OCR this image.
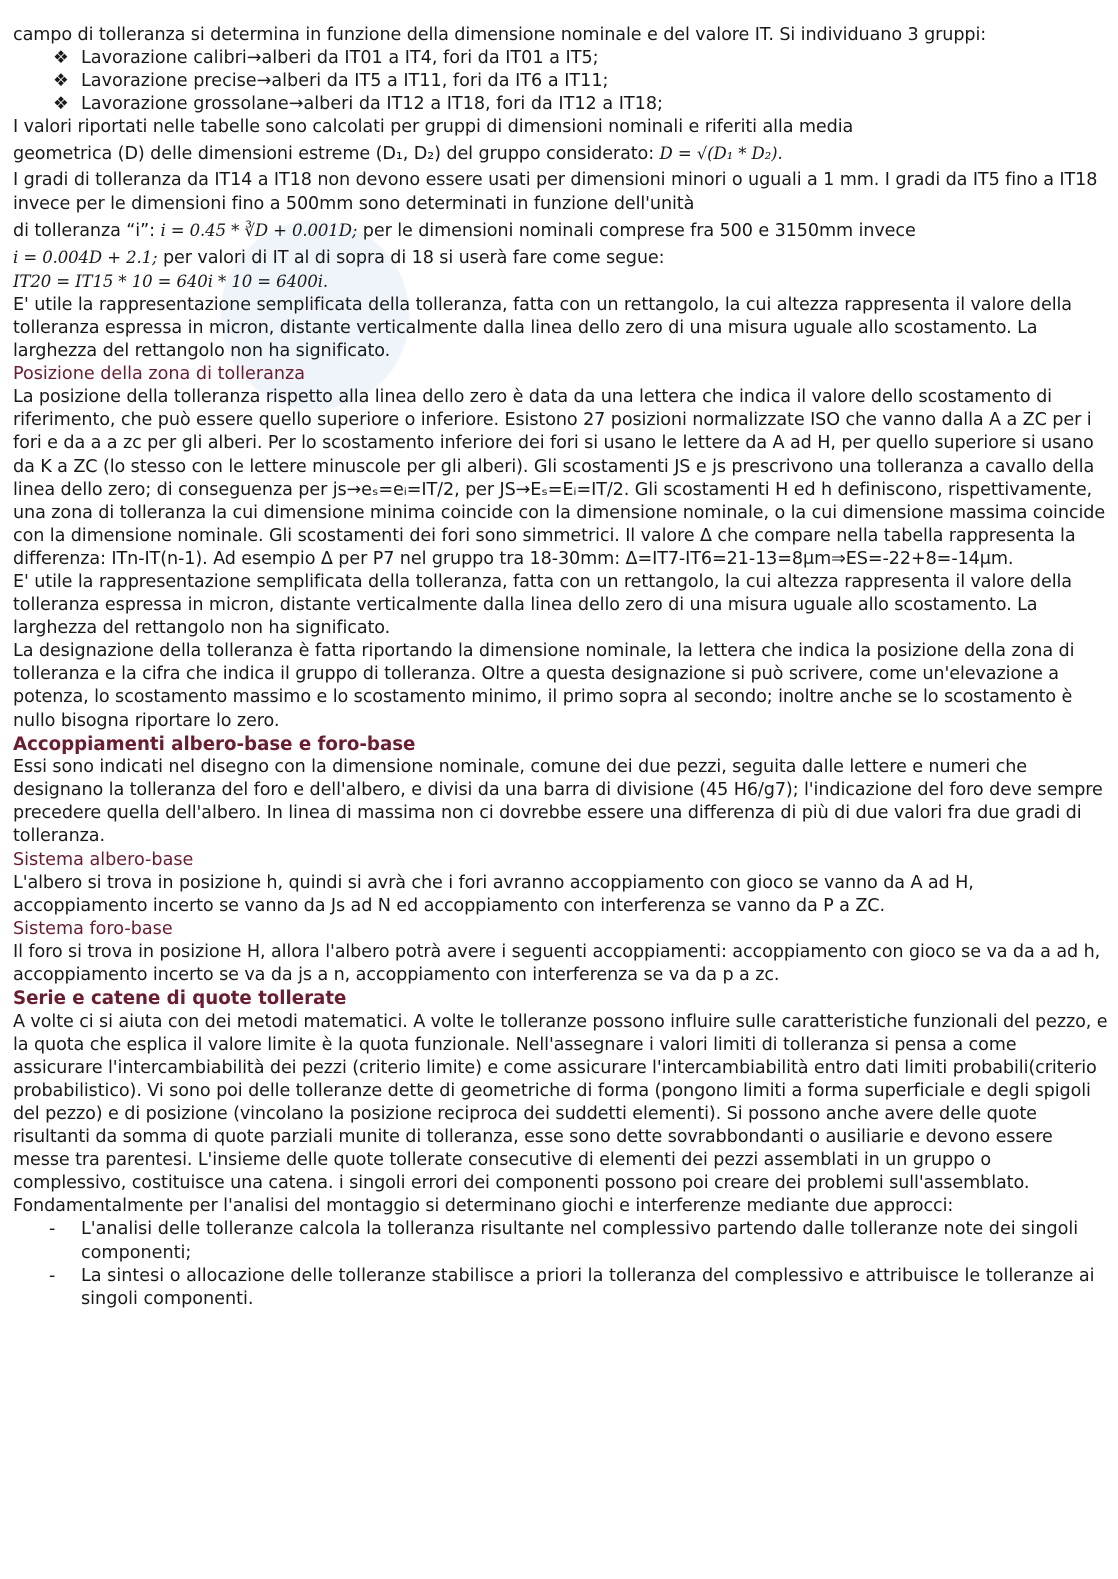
campo di tolleranza si determina in funzione della dimensione nominale e del valore IT. Si individuano 3 gruppi:

❖ Lavorazione calibri→alberi da IT01 a IT4, fori da IT01 a IT5;
❖ Lavorazione precise→alberi da IT5 a IT11, fori da IT6 a IT11;
❖ Lavorazione grossolane→alberi da IT12 a IT18, fori da IT12 a IT18;

I valori riportati nelle tabelle sono calcolati per gruppi di dimensioni nominali e riferiti alla media

geometrica (D) delle dimensioni estreme (D₁, D₂) del gruppo considerato: D = √(D₁ * D₂).

I gradi di tolleranza da IT14 a IT18 non devono essere usati per dimensioni minori o uguali a 1 mm. I gradi da IT5 fino a IT18 invece per le dimensioni fino a 500mm sono determinati in funzione dell'unità

di tolleranza “i”: i = 0.45 * ∛D + 0.001D; per le dimensioni nominali comprese fra 500 e 3150mm invece

i = 0.004D + 2.1; per valori di IT al di sopra di 18 si userà fare come segue:

IT20 = IT15 * 10 = 640i * 10 = 6400i.

E' utile la rappresentazione semplificata della tolleranza, fatta con un rettangolo, la cui altezza rappresenta il valore della tolleranza espressa in micron, distante verticalmente dalla linea dello zero di una misura uguale allo scostamento. La larghezza del rettangolo non ha significato.

Posizione della zona di tolleranza

La posizione della tolleranza rispetto alla linea dello zero è data da una lettera che indica il valore dello scostamento di riferimento, che può essere quello superiore o inferiore. Esistono 27 posizioni normalizzate ISO che vanno dalla A a ZC per i fori e da a a zc per gli alberi. Per lo scostamento inferiore dei fori si usano le lettere da A ad H, per quello superiore si usano da K a ZC (lo stesso con le lettere minuscole per gli alberi). Gli scostamenti JS e js prescrivono una tolleranza a cavallo della linea dello zero; di conseguenza per js→eₛ=eᵢ=IT/2, per JS→Eₛ=Eᵢ=IT/2. Gli scostamenti H ed h definiscono, rispettivamente, una zona di tolleranza la cui dimensione minima coincide con la dimensione nominale, o la cui dimensione massima coincide con la dimensione nominale. Gli scostamenti dei fori sono simmetrici. Il valore Δ che compare nella tabella rappresenta la differenza: ITn-IT(n-1). Ad esempio Δ per P7 nel gruppo tra 18-30mm: Δ=IT7-IT6=21-13=8μm⇒ES=-22+8=-14μm.

E' utile la rappresentazione semplificata della tolleranza, fatta con un rettangolo, la cui altezza rappresenta il valore della tolleranza espressa in micron, distante verticalmente dalla linea dello zero di una misura uguale allo scostamento. La larghezza del rettangolo non ha significato.

La designazione della tolleranza è fatta riportando la dimensione nominale, la lettera che indica la posizione della zona di tolleranza e la cifra che indica il gruppo di tolleranza. Oltre a questa designazione si può scrivere, come un'elevazione a potenza, lo scostamento massimo e lo scostamento minimo, il primo sopra al secondo; inoltre anche se lo scostamento è nullo bisogna riportare lo zero.

Accoppiamenti albero-base e foro-base

Essi sono indicati nel disegno con la dimensione nominale, comune dei due pezzi, seguita dalle lettere e numeri che designano la tolleranza del foro e dell'albero, e divisi da una barra di divisione (45 H6/g7); l'indicazione del foro deve sempre precedere quella dell'albero. In linea di massima non ci dovrebbe essere una differenza di più di due valori fra due gradi di tolleranza.

Sistema albero-base

L'albero si trova in posizione h, quindi si avrà che i fori avranno accoppiamento con gioco se vanno da A ad H, accoppiamento incerto se vanno da Js ad N ed accoppiamento con interferenza se vanno da P a ZC.

Sistema foro-base

Il foro si trova in posizione H, allora l'albero potrà avere i seguenti accoppiamenti: accoppiamento con gioco se va da a ad h, accoppiamento incerto se va da js a n, accoppiamento con interferenza se va da p a zc.

Serie e catene di quote tollerate

A volte ci si aiuta con dei metodi matematici. A volte le tolleranze possono influire sulle caratteristiche funzionali del pezzo, e la quota che esplica il valore limite è la quota funzionale. Nell'assegnare i valori limiti di tolleranza si pensa a come assicurare l'intercambiabilità dei pezzi (criterio limite) e come assicurare l'intercambiabilità entro dati limiti probabili(criterio probabilistico). Vi sono poi delle tolleranze dette di geometriche di forma (pongono limiti a forma superficiale e degli spigoli del pezzo) e di posizione (vincolano la posizione reciproca dei suddetti elementi). Si possono anche avere delle quote risultanti da somma di quote parziali munite di tolleranza, esse sono dette sovrabbondanti o ausiliarie e devono essere messe tra parentesi. L'insieme delle quote tollerate consecutive di elementi dei pezzi assemblati in un gruppo o complessivo, costituisce una catena. i singoli errori dei componenti possono poi creare dei problemi sull'assemblato. Fondamentalmente per l'analisi del montaggio si determinano giochi e interferenze mediante due approcci:

-	L'analisi delle tolleranze calcola la tolleranza risultante nel complessivo partendo dalle tolleranze note dei singoli componenti;
-	La sintesi o allocazione delle tolleranze stabilisce a priori la tolleranza del complessivo e attribuisce le tolleranze ai singoli componenti.
